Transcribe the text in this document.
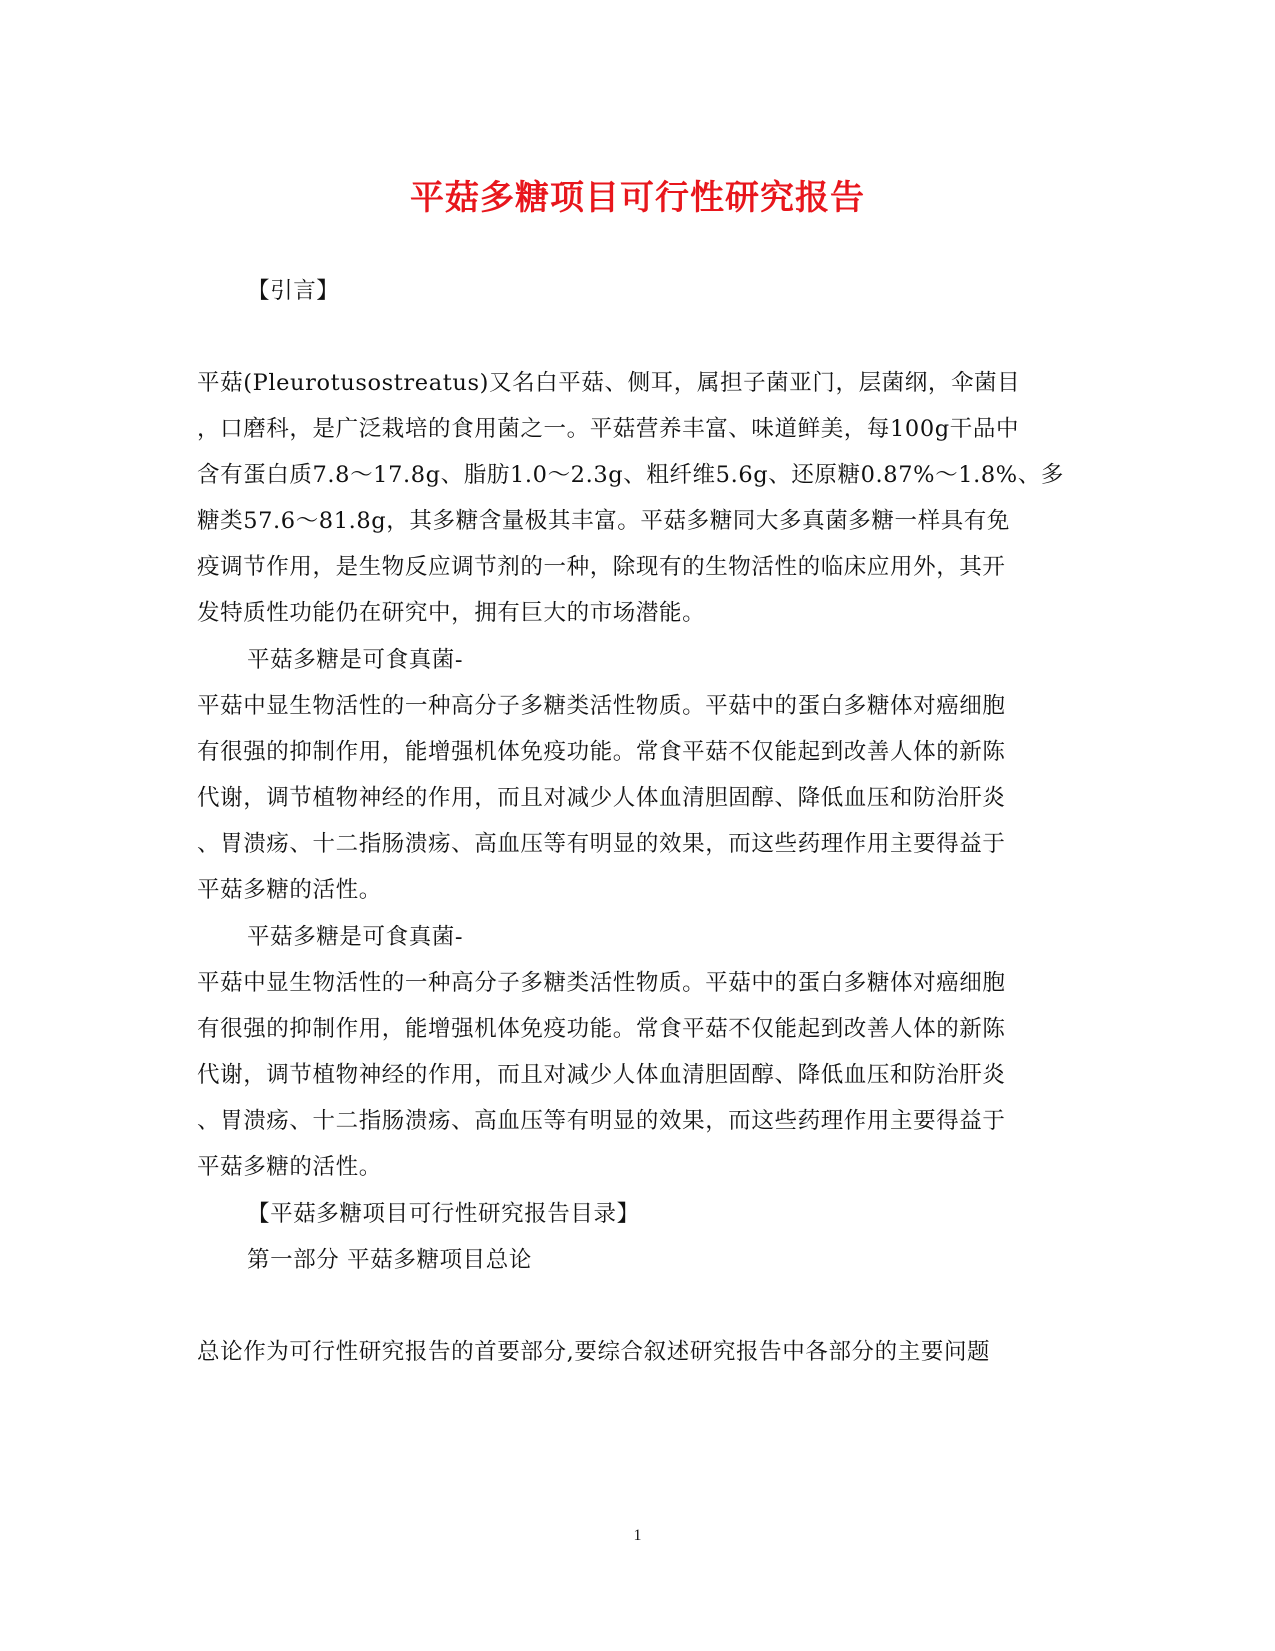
平菇多糖项目可行性研究报告
【引言】
平菇(Pleurotusostreatus)又名白平菇、侧耳，属担子菌亚门，层菌纲，伞菌目
，口磨科，是广泛栽培的食用菌之一。平菇营养丰富、味道鲜美，每100g干品中
含有蛋白质7.8～17.8g、脂肪1.0～2.3g、粗纤维5.6g、还原糖0.87%～1.8%、多
糖类57.6～81.8g，其多糖含量极其丰富。平菇多糖同大多真菌多糖一样具有免
疫调节作用，是生物反应调节剂的一种，除现有的生物活性的临床应用外，其开
发特质性功能仍在研究中，拥有巨大的市场潜能。
平菇多糖是可食真菌-
平菇中显生物活性的一种高分子多糖类活性物质。平菇中的蛋白多糖体对癌细胞
有很强的抑制作用，能增强机体免疫功能。常食平菇不仅能起到改善人体的新陈
代谢，调节植物神经的作用，而且对减少人体血清胆固醇、降低血压和防治肝炎
、胃溃疡、十二指肠溃疡、高血压等有明显的效果，而这些药理作用主要得益于
平菇多糖的活性。
平菇多糖是可食真菌-
平菇中显生物活性的一种高分子多糖类活性物质。平菇中的蛋白多糖体对癌细胞
有很强的抑制作用，能增强机体免疫功能。常食平菇不仅能起到改善人体的新陈
代谢，调节植物神经的作用，而且对减少人体血清胆固醇、降低血压和防治肝炎
、胃溃疡、十二指肠溃疡、高血压等有明显的效果，而这些药理作用主要得益于
平菇多糖的活性。
【平菇多糖项目可行性研究报告目录】
第一部分 平菇多糖项目总论
总论作为可行性研究报告的首要部分,要综合叙述研究报告中各部分的主要问题
1
